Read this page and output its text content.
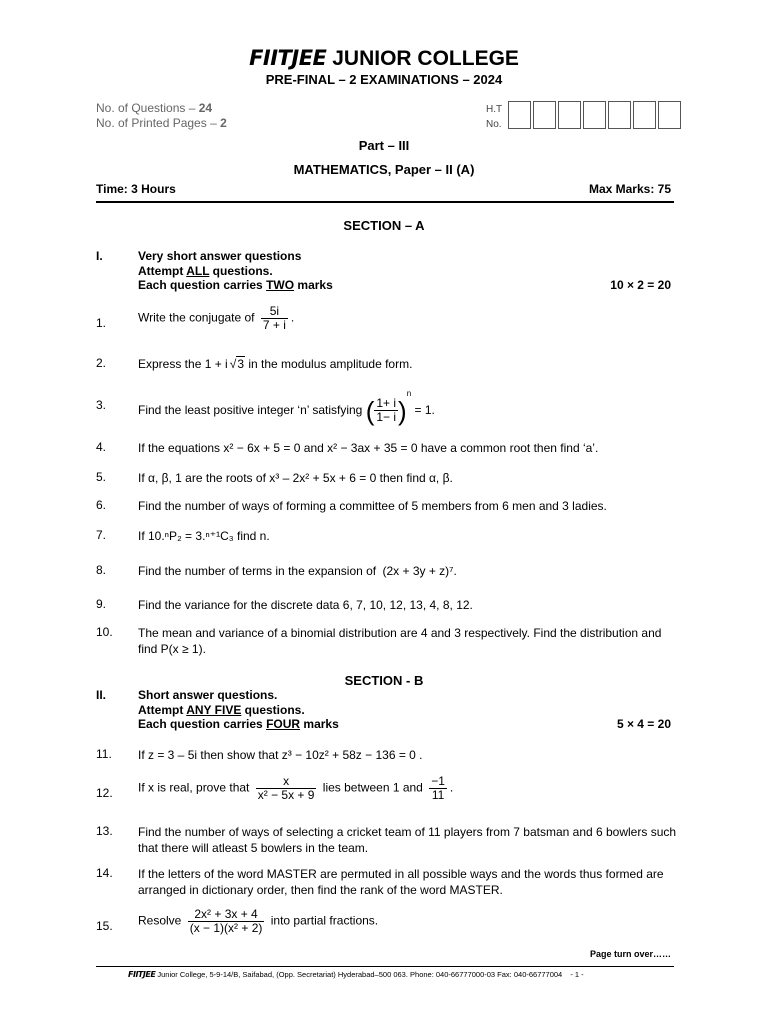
FIITJEE JUNIOR COLLEGE
PRE-FINAL – 2 EXAMINATIONS – 2024
No. of Questions – 24
No. of Printed Pages – 2
H.T
No.
Part – III
MATHEMATICS, Paper – II (A)
Time: 3 Hours	Max Marks: 75
SECTION – A
I.	Very short answer questions
Attempt ALL questions.
Each question carries TWO marks	10 × 2 = 20
1.	Write the conjugate of $\frac{5i}{7 + i}$ .
2.	Express the 1 + i √3 in the modulus amplitude form.
3.	Find the least positive integer ‘n’ satisfying ( $\frac{1+ i}{1- i} )^n = 1$.
4.	If the equations x² − 6x + 5 = 0 and x² − 3ax + 35 = 0 have a common root then find ‘a’.
5.	If α, β, 1 are the roots of x³ – 2x² + 5x + 6 = 0 then find α, β.
6.	Find the number of ways of forming a committee of 5 members from 6 men and 3 ladies.
7.	If 10.ⁿP₂ = 3.ⁿ⁺¹C₃ find n.
8.	Find the number of terms in the expansion of (2x + 3y + z)⁷.
9.	Find the variance for the discrete data 6, 7, 10, 12, 13, 4, 8, 12.
10. The mean and variance of a binomial distribution are 4 and 3 respectively. Find the distribution and find P(x ≥ 1).
SECTION - B
II.	Short answer questions.
Attempt ANY FIVE questions.
Each question carries FOUR marks	5 × 4 = 20
11. If z = 3 – 5i then show that z³ − 10z² + 58z − 136 = 0 .
12. If x is real, prove that $\frac{x}{\text{x² − 5x + 9}}$ lies between 1 and $\frac{-1}{11}$ .
13. Find the number of ways of selecting a cricket team of 11 players from 7 batsman and 6 bowlers such that there will atleast 5 bowlers in the team.
14. If the letters of the word MASTER are permuted in all possible ways and the words thus formed are arranged in dictionary order, then find the rank of the word MASTER.
15. Resolve $\frac{\text{2x² + 3x + 4}}{\text{(x − 1)(x² + 2)}}$ into partial fractions.
Page turn over……
FIITJEE Junior College, 5-9-14/B, Saifabad, (Opp. Secretariat) Hyderabad–500 063. Phone: 040-66777000-03 Fax: 040-66777004 - 1 -
